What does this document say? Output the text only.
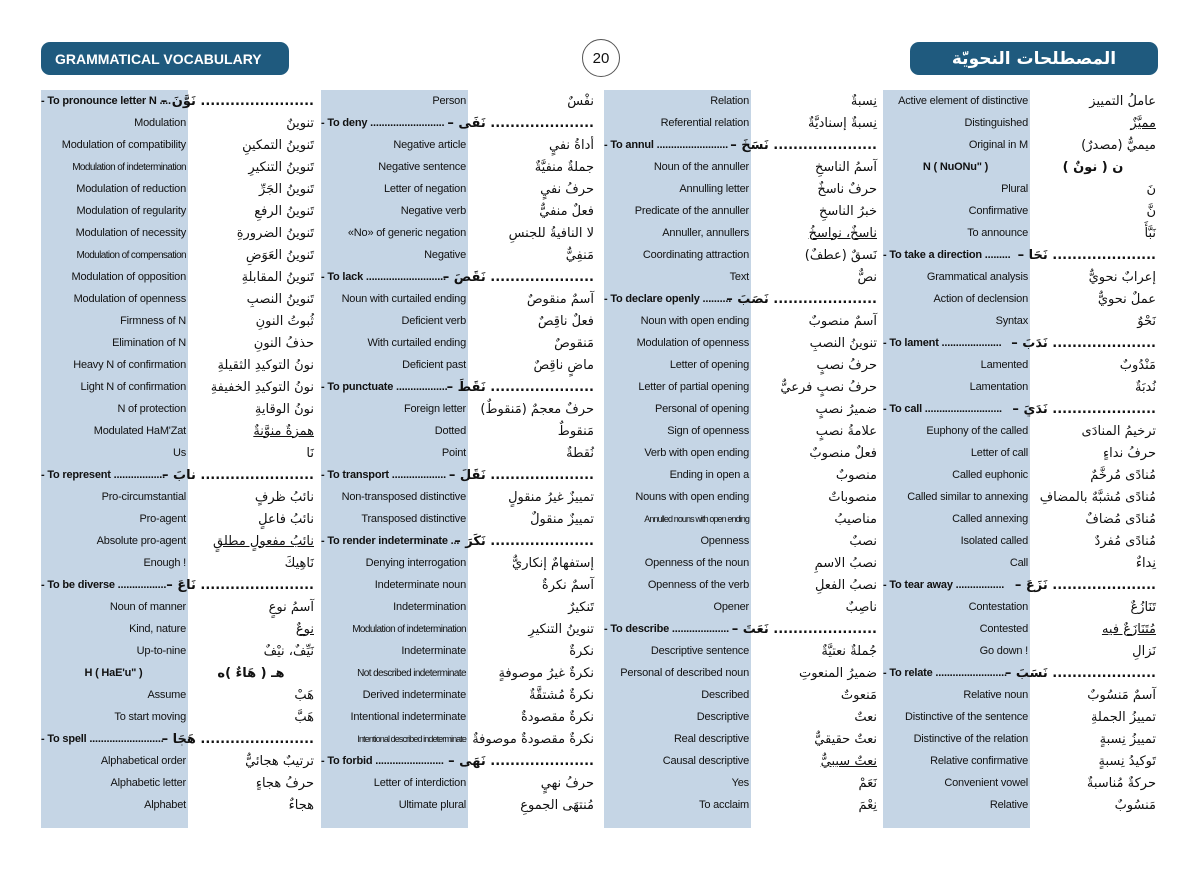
GRAMMATICAL VOCABULARY	20	المصطلحات النحويّة
Active element of distinctive	عاملُ التمييز
Distinguished	مميَّزٌ
Original in M	ميميٌّ (مصدرٌ)
N ( NuONu" )	ن ( نونٌ )
Plural	نَ
Confirmative	نَّ
To announce	نَبَّأَ
- To take a direction ......... ..................... نَحَا –
Grammatical analysis	إعرابٌ نحويٌّ
Action of declension	عملٌ نحويٌّ
Syntax	نَحْوٌ
- To lament ..................... ..................... نَدَبَ –
Lamented	مَنْدُوبٌ
Lamentation	نُدبَةٌ
- To call ........................... ..................... نَدَيَ –
Euphony of the called	ترخيمُ المنادَى
Letter of call	حرفُ نداءٍ
Called euphonic	مُنادًى مُرخَّمٌ
Called similar to annexing مُنادًى مُشبَّهٌ بالمضافِ
Called annexing	مُنادًى مُضافٌ
Isolated called	مُنادًى مُفردٌ
Call	نِداءٌ
- To tear away ................. ..................... نَزَعَ –
Contestation	تَنَازُعٌ
Contested	مُتَنَازَعٌ فيه
Go down !	نَزالِ
- To relate .........................
..................... نَسَبَ –
Relative noun	آسمٌ مَنسُوبٌ
Distinctive of the sentence	تمييزُ الجملةِ
Distinctive of the relation	تمييزُ نِسبةٍ
Relative confirmative	تَوكيدُ نِسبةٍ
Convenient vowel	حركةٌ مُناسبةٌ
Relative	مَنسُوبٌ
Relation	نِسبةٌ
Referential relation	نِسبةٌ إسناديَّةٌ
- To annul ......................... ..................... نَسَخَ –
Noun of the annuller	آسمُ الناسخِ
Annulling letter	حرفٌ ناسخٌ
Predicate of the annuller	خبرُ الناسخِ
Annuller, annullers	ناسخٌ، نواسخُ
Coordinating attraction	نَسقٌ (عطفٌ)
Text	نصٌّ
- To declare openly ..........
..................... نَصَبَ –
Noun with open ending	آسمٌ منصوبٌ
Modulation of openness	تنوينُ النصبِ
Letter of opening	حرفُ نصبٍ
Letter of partial opening	حرفُ نصبٍ فرعيٌّ
Personal of opening	ضميرُ نصبٍ
Sign of openness	علامةُ نصبٍ
Verb with open ending	فعلٌ منصوبٌ
Ending in open a	منصوبٌ
Nouns with open ending	منصوباتٌ
Annulled nouns with open ending	مناصيبُ
Openness	نصبٌ
Openness of the noun	نصبُ الاسمِ
Openness of the verb	نصبُ الفعلِ
Opener	ناصِبٌ
- To describe .................... ..................... نَعَتَ –
Descriptive sentence	جُملةٌ نعتيَّةٌ
Personal of described noun	ضميرُ المنعوتِ
Described	مَنعوتٌ
Descriptive	نعتٌ
Real descriptive	نعتٌ حقيقيٌّ
Causal descriptive	نعتٌ سببيٌّ
Yes	نَعَمْ
To acclaim	نِعْمَ
Person	نفْسٌ
- To deny .......................... ..................... نَفَى –
Negative article	أداةُ نفيٍ
Negative sentence	جملةٌ منفيَّةٌ
Letter of negation	حرفُ نفيٍ
Negative verb	فعلٌ منفيٌّ
«No» of generic negation	لا النافيةُ للجنسِ
Negative	مَنفِيٌّ
- To lack ............................
..................... نَقَصَ –
Noun with curtailed ending	آسمٌ منقوصٌ
Deficient verb	فعلٌ ناقِصٌ
With curtailed ending	مَنقوصٌ
Deficient past	ماضٍ ناقِصٌ
- To punctuate .................. ..................... نَقَطَ –
Foreign letter	حرفٌ معجمٌ (مَنقوطٌ)
Dotted	مَنقوطٌ
Point	نُقطةٌ
- To transport ................... ..................... نَقَلَ –
Non-transposed distinctive	تمييزٌ غيرُ منقولٍ
Transposed distinctive	تمييزٌ منقولٌ
- To render indeterminate ...
..................... نَكَرَ –
Denying interrogation	إستفهامٌ إنكاريٌّ
Indeterminate noun	آسمٌ نكرةٌ
Indetermination	تَنكيرٌ
Modulation of indetermination	تنوينُ التنكيرِ
Indeterminate	نكرةٌ
Not described indeterminate	نكرةٌ غيرُ موصوفةٍ
Derived indeterminate	نكرةٌ مُشتقَّةٌ
Intentional indeterminate	نكرةٌ مقصودةٌ
Intentional described indeterminate نكرةٌ مقصودةٌ موصوفةٌ
- To forbid ........................ ..................... نَهَى –
Letter of interdiction	حرفُ نهيٍ
Ultimate plural	مُنتهَى الجموعِ
- To pronounce letter N ....
....................... نَوَّنَ –
Modulation	تنوينٌ
Modulation of compatibility	تَنوينُ التمكينِ
Modulation of indetermination	تَنوينُ التنكيرِ
Modulation of reduction	تَنوينُ الجَرِّ
Modulation of regularity	تَنوينُ الرفعِ
Modulation of necessity	تَنوينُ الضرورةِ
Modulation of compensation	تَنوينُ العَوَضِ
Modulation of opposition	تَنوينُ المقابلةِ
Modulation of openness	تَنوينُ النصبِ
Firmness of N	ثُبوتُ النونِ
Elimination of N	حذفُ النونِ
Heavy N of confirmation	نونُ التوكيدِ الثقيلةِ
Light N of confirmation	نونُ التوكيدِ الخفيفةِ
N of protection	نونُ الوقايةِ
Modulated HaM'Zat	همزةٌ منوَّنةٌ
Us	نَا
- To represent ..................
....................... نابَ –
Pro-circumstantial	نائبُ ظرفٍ
Pro-agent	نائبُ فاعلٍ
Absolute pro-agent	نائبُ مفعولٍ مطلقٍ
Enough !	نَاهِيكَ
- To be diverse ................. ....................... نَاعَ –
Noun of manner	آسمُ نوعٍ
Kind, nature	نوعٌ
Up-to-nine	نَيِّفٌ، نيْفٌ
H ( HaE'u" )	هـ ( هَاءٌ )ه
Assume	هَبْ
To start moving	هَبَّ
- To spell ..........................
....................... هَجَا –
Alphabetical order	ترتيبٌ هجائيٌّ
Alphabetic letter	حرفُ هجاءٍ
Alphabet	هجاءٌ
